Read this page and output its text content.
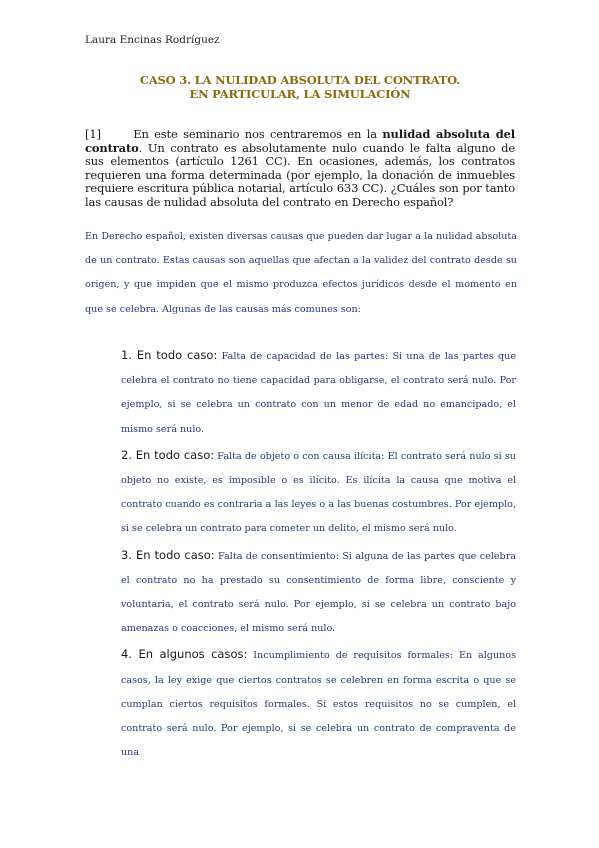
Laura Encinas Rodríguez
CASO 3. LA NULIDAD ABSOLUTA DEL CONTRATO.
EN PARTICULAR, LA SIMULACIÓN
[1]	En este seminario nos centraremos en la nulidad absoluta del contrato. Un contrato es absolutamente nulo cuando le falta alguno de sus elementos (artículo 1261 CC). En ocasiones, además, los contratos requieren una forma determinada (por ejemplo, la donación de inmuebles requiere escritura pública notarial, artículo 633 CC). ¿Cuáles son por tanto las causas de nulidad absoluta del contrato en Derecho español?
En Derecho español, existen diversas causas que pueden dar lugar a la nulidad absoluta de un contrato. Estas causas son aquellas que afectan a la validez del contrato desde su origen, y que impiden que el mismo produzca efectos jurídicos desde el momento en que se celebra. Algunas de las causas más comunes son:
1. En todo caso: Falta de capacidad de las partes: Si una de las partes que celebra el contrato no tiene capacidad para obligarse, el contrato será nulo. Por ejemplo, si se celebra un contrato con un menor de edad no emancipado, el mismo será nulo.
2. En todo caso: Falta de objeto o con causa ilícita: El contrato será nulo si su objeto no existe, es imposible o es ilícito. Es ilícita la causa que motiva el contrato cuando es contraria a las leyes o a las buenas costumbres. Por ejemplo, si se celebra un contrato para cometer un delito, el mismo será nulo.
3. En todo caso: Falta de consentimiento: Si alguna de las partes que celebra el contrato no ha prestado su consentimiento de forma libre, consciente y voluntaria, el contrato será nulo. Por ejemplo, si se celebra un contrato bajo amenazas o coacciones, el mismo será nulo.
4. En algunos casos: Incumplimiento de requisitos formales: En algunos casos, la ley exige que ciertos contratos se celebren en forma escrita o que se cumplan ciertos requisitos formales. Si estos requisitos no se cumplen, el contrato será nulo. Por ejemplo, si se celebra un contrato de compraventa de una
